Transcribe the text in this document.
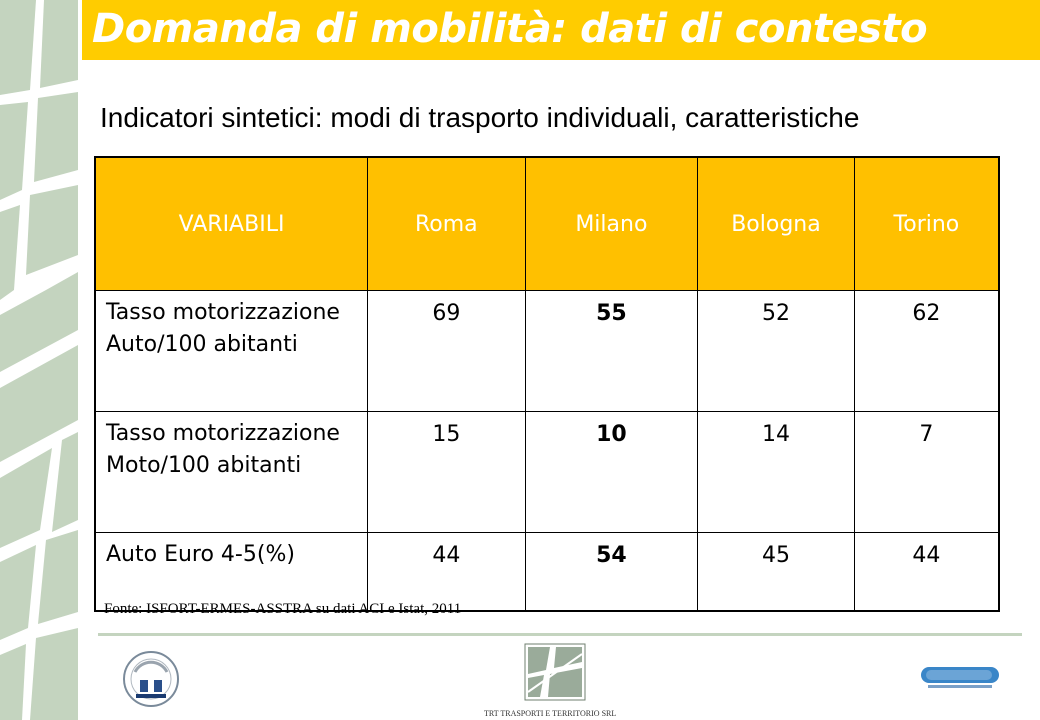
Domanda di mobilità: dati di contesto
Indicatori sintetici: modi di trasporto individuali, caratteristiche
VARIABILI	Roma	Milano	Bologna	Torino

Tasso motorizzazione
Auto/100 abitanti	69	55	52	62

Tasso motorizzazione
Moto/100 abitanti	15	10	14	7

Auto Euro 4-5(%)	44	54	45	44
Fonte: ISFORT-ERMES-ASSTRA su dati ACI e Istat, 2011
TRT TRASPORTI E TERRITORIO SRL
